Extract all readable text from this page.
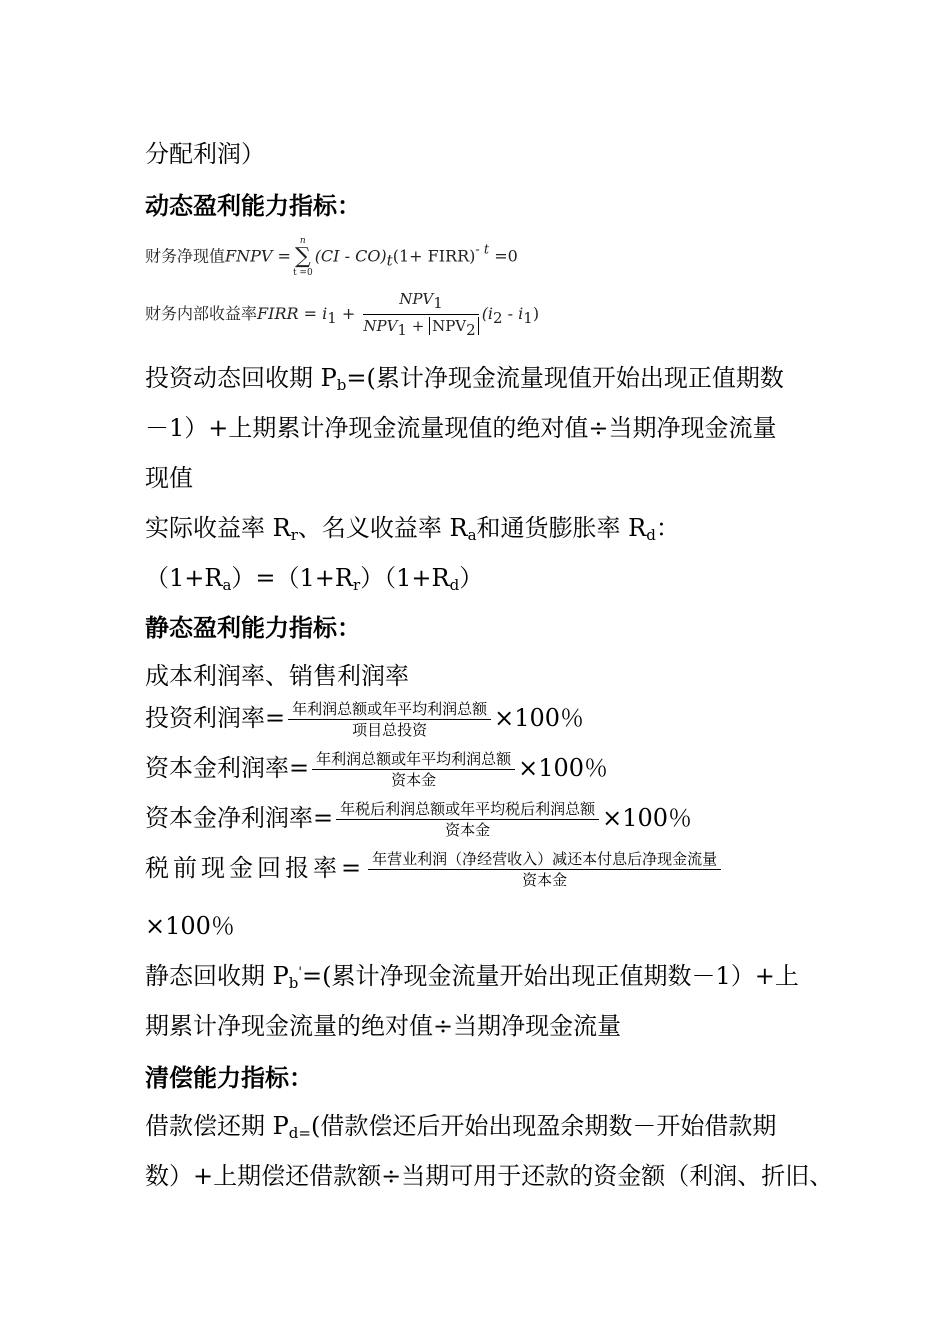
分配利润）
动态盈利能力指标：
财务净现值FNPV =
n
∑
t =0
(CI - CO)t(1+ FIRR)$^{- t}$ =0
财务内部收益率FIRR = $i1 + \frac{\text{NPV1}}{\text{NPV1 + NPV2}} (i2 - i1)$
投资动态回收期 $P_b=$(累计净现金流量现值开始出现正值期数
－1）+上期累计净现金流量现值的绝对值÷当期净现金流量
现值
实际收益率 $R_r$、名义收益率 $R_a$和通货膨胀率 $R_d$：
$(1+R_a)=(1+R_r)(1+R_d)$
静态盈利能力指标：
成本利润率、销售利润率
投资利润率= $\frac{\text{年利润总额或年平均利润总额}}{\text{项目总投资}} \times 100$％
资本金利润率= $\frac{\text{年利润总额或年平均利润总额}}{\text{资本金}} \times 100$％
资本金净利润率= $\frac{\text{年税后利润总额或年平均税后利润总额}}{\text{资本金}} \times 100$％
税前现金回报率= $\frac{\text{年营业利润（净经营收入）减还本付息后净现金流量}}{\text{资本金}}$
×100％
静态回收期 $P_b'=$(累计净现金流量开始出现正值期数－1）+上
期累计净现金流量的绝对值÷当期净现金流量
清偿能力指标：
借款偿还期 $P_{d=}$(借款偿还后开始出现盈余期数－开始借款期
数）+上期偿还借款额÷当期可用于还款的资金额（利润、折旧、
